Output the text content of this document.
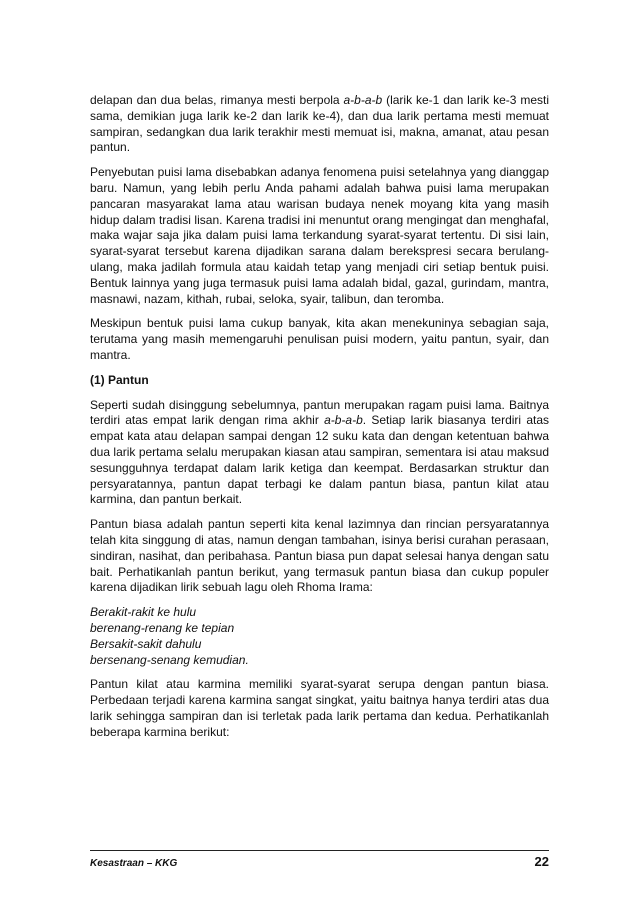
delapan dan dua belas, rimanya mesti berpola a-b-a-b (larik ke-1 dan larik ke-3 mesti sama, demikian juga larik ke-2 dan larik ke-4), dan dua larik pertama mesti memuat sampiran, sedangkan dua larik terakhir mesti memuat isi, makna, amanat, atau pesan pantun.

Penyebutan puisi lama disebabkan adanya fenomena puisi setelahnya yang dianggap baru. Namun, yang lebih perlu Anda pahami adalah bahwa puisi lama merupakan pancaran masyarakat lama atau warisan budaya nenek moyang kita yang masih hidup dalam tradisi lisan. Karena tradisi ini menuntut orang mengingat dan menghafal, maka wajar saja jika dalam puisi lama terkandung syarat-syarat tertentu. Di sisi lain, syarat-syarat tersebut karena dijadikan sarana dalam berekspresi secara berulang-ulang, maka jadilah formula atau kaidah tetap yang menjadi ciri setiap bentuk puisi. Bentuk lainnya yang juga termasuk puisi lama adalah bidal, gazal, gurindam, mantra, masnawi, nazam, kithah, rubai, seloka, syair, talibun, dan teromba.

Meskipun bentuk puisi lama cukup banyak, kita akan menekuninya sebagian saja, terutama yang masih memengaruhi penulisan puisi modern, yaitu pantun, syair, dan mantra.

(1) Pantun

Seperti sudah disinggung sebelumnya, pantun merupakan ragam puisi lama. Baitnya terdiri atas empat larik dengan rima akhir a-b-a-b. Setiap larik biasanya terdiri atas empat kata atau delapan sampai dengan 12 suku kata dan dengan ketentuan bahwa dua larik pertama selalu merupakan kiasan atau sampiran, sementara isi atau maksud sesungguhnya terdapat dalam larik ketiga dan keempat. Berdasarkan struktur dan persyaratannya, pantun dapat terbagi ke dalam pantun biasa, pantun kilat atau karmina, dan pantun berkait.

Pantun biasa adalah pantun seperti kita kenal lazimnya dan rincian persyaratannya telah kita singgung di atas, namun dengan tambahan, isinya berisi curahan perasaan, sindiran, nasihat, dan peribahasa. Pantun biasa pun dapat selesai hanya dengan satu bait. Perhatikanlah pantun berikut, yang termasuk pantun biasa dan cukup populer karena dijadikan lirik sebuah lagu oleh Rhoma Irama:

Berakit-rakit ke hulu

berenang-renang ke tepian

Bersakit-sakit dahulu

bersenang-senang kemudian.

Pantun kilat atau karmina memiliki syarat-syarat serupa dengan pantun biasa. Perbedaan terjadi karena karmina sangat singkat, yaitu baitnya hanya terdiri atas dua larik sehingga sampiran dan isi terletak pada larik pertama dan kedua. Perhatikanlah beberapa karmina berikut:

Kesastraan – KKG	22
